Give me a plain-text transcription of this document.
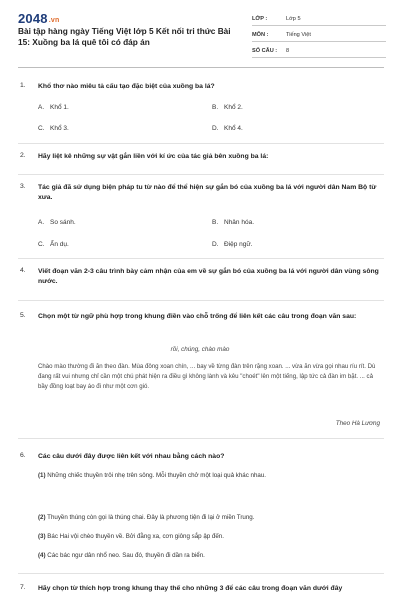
2048.vn
Bài tập hàng ngày Tiếng Việt lớp 5 Kết nối tri thức Bài 15: Xuồng ba lá quê tôi có đáp án
LỚP :	Lớp 5
MÔN :	Tiếng Việt
SỐ CÂU :	8
1. Khổ thơ nào miêu tả cấu tạo đặc biệt của xuồng ba lá?
A. Khổ 1.	B. Khổ 2.
C. Khổ 3.	D. Khổ 4.
2. Hãy liệt kê những sự vật gắn liền với kí ức của tác giả bên xuồng ba lá:
3. Tác giả đã sử dụng biện pháp tu từ nào để thể hiện sự gắn bó của xuồng ba lá với người dân Nam Bộ từ xưa.
A. So sánh.	B. Nhân hóa.
C. Ẩn dụ.	D. Điệp ngữ.
4. Viết đoạn văn 2-3 câu trình bày cảm nhận của em về sự gắn bó của xuồng ba lá với người dân vùng sông nước.
5. Chọn một từ ngữ phù hợp trong khung điền vào chỗ trống để liên kết các câu trong đoạn văn sau:
rồi, chúng, chào mào
Chào mào thường đi ăn theo đàn. Mùa đông xoan chín, ... bay về từng đàn trên rặng xoan. ... vừa ăn vừa gọi nhau ríu rít. Dù đang rất vui nhưng chỉ cần một chú phát hiện ra điều gì không lành và kêu "choét" lên một tiếng, lập tức cả đàn im bặt. ... cả bầy đồng loạt bay áo đi như một cơn gió.
Theo Hà Lương
6. Các câu dưới đây được liên kết với nhau bằng cách nào?
(1) Những chiếc thuyền trôi nhẹ trên sông. Mỗi thuyền chở một loại quả khác nhau.
(2) Thuyền thúng còn gọi là thúng chai. Đây là phương tiện đi lại ở miền Trung.
(3) Bác Hai vội chèo thuyền về. Bởi đằng xa, cơn giông sắp ập đến.
(4) Các bác ngư dân nhổ neo. Sau đó, thuyền đi dần ra biển.
7. Hãy chọn từ thích hợp trong khung thay thế cho những 3 để các câu trong đoạn văn dưới đây
